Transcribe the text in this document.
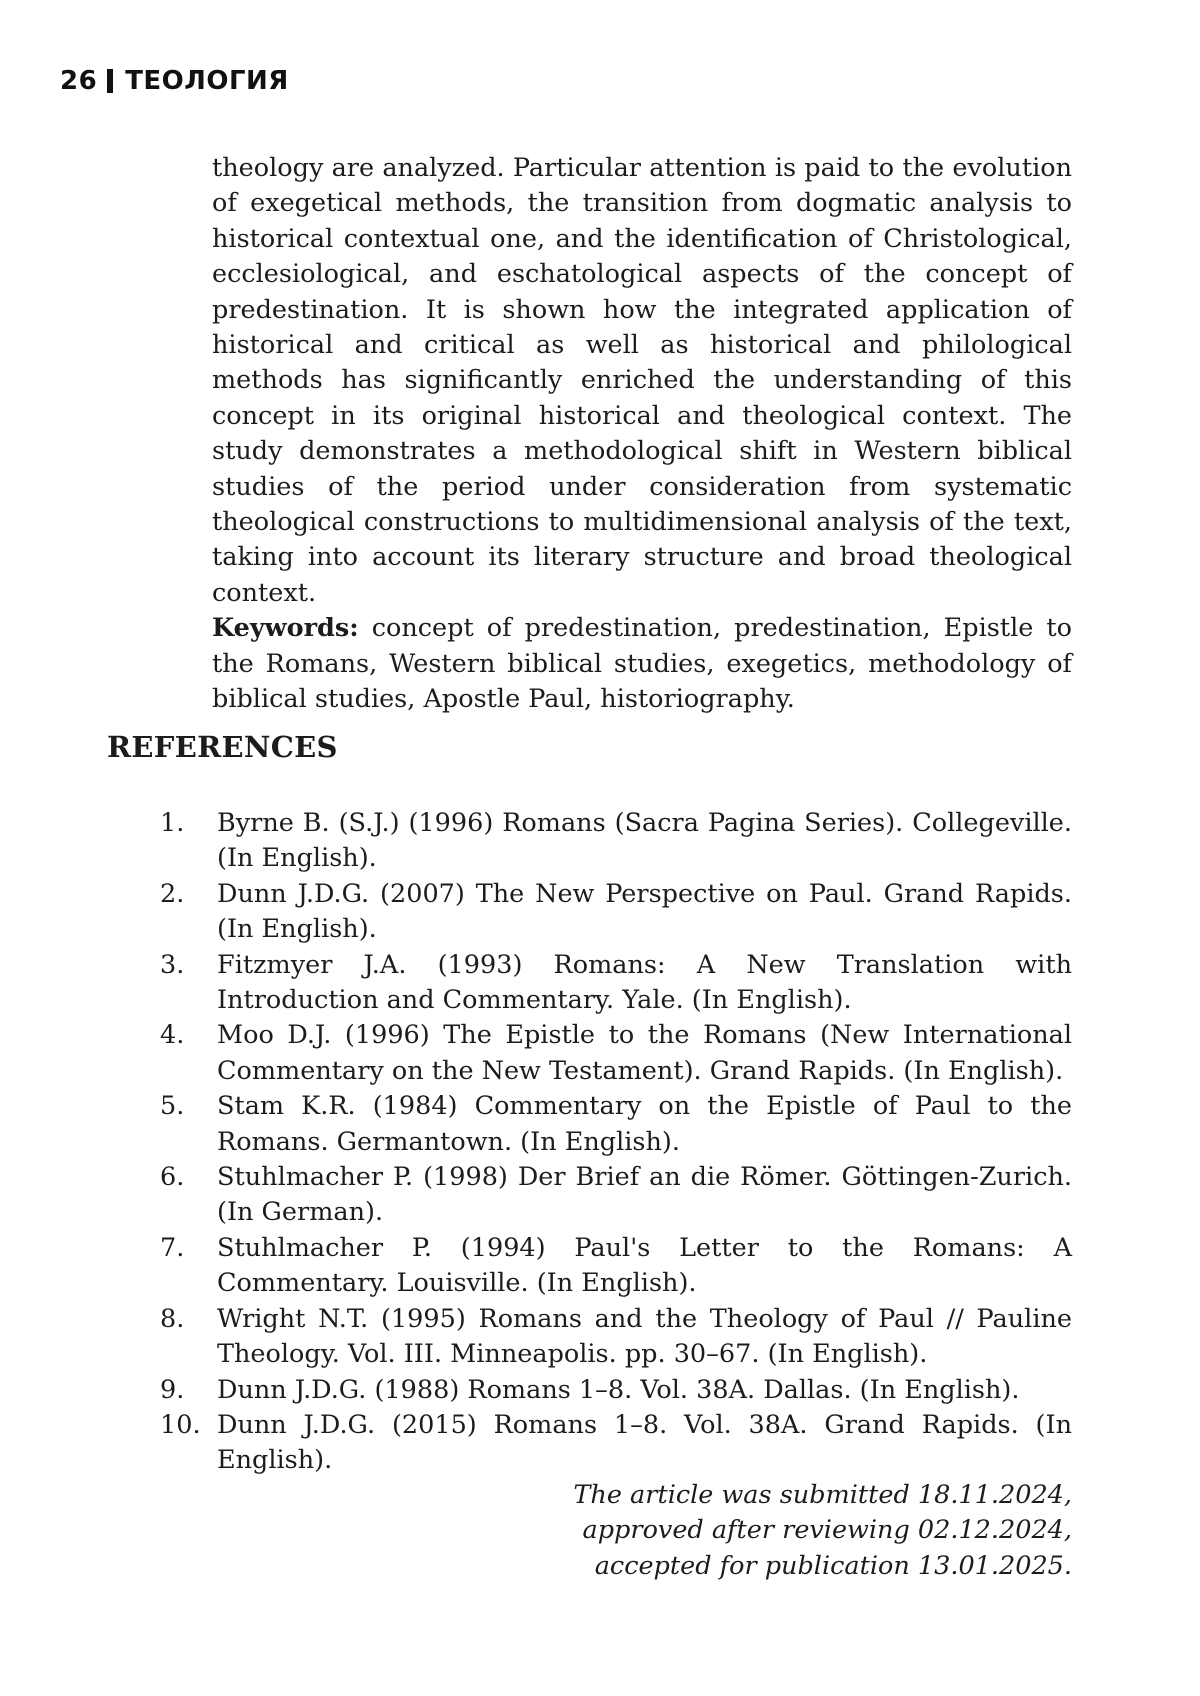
26 ТЕОЛОГИЯ

theology are analyzed. Particular attention is paid to the evolution of exegetical methods, the transition from dogmatic analysis to historical contextual one, and the identification of Christological, ecclesiological, and eschatological aspects of the concept of predestination. It is shown how the integrated application of historical and critical as well as historical and philological methods has significantly enriched the understanding of this concept in its original historical and theological context. The study demonstrates a methodological shift in Western biblical studies of the period under consideration from systematic theological constructions to multidimensional analysis of the text, taking into account its literary structure and broad theological context.

Keywords: concept of predestination, predestination, Epistle to the Romans, Western biblical studies, exegetics, methodology of biblical studies, Apostle Paul, historiography.

REFERENCES
1.	Byrne B. (S.J.) (1996) Romans (Sacra Pagina Series). Collegeville. (In English).
2.	Dunn J.D.G. (2007) The New Perspective on Paul. Grand Rapids. (In English).
3.	Fitzmyer J.A. (1993) Romans: A New Translation with Introduction and Commentary. Yale. (In English).
4.	Moo D.J. (1996) The Epistle to the Romans (New International Commentary on the New Testament). Grand Rapids. (In English).
5.	Stam K.R. (1984) Commentary on the Epistle of Paul to the Romans. Germantown. (In English).
6.	Stuhlmacher P. (1998) Der Brief an die Römer. Göttingen-Zurich. (In German).
7.	Stuhlmacher P. (1994) Paul's Letter to the Romans: A Commentary. Louisville. (In English).
8.	Wright N.T. (1995) Romans and the Theology of Paul // Pauline Theology. Vol. III. Minneapolis. pp. 30–67. (In English).
9.	Dunn J.D.G. (1988) Romans 1–8. Vol. 38A. Dallas. (In English).
10. Dunn J.D.G. (2015) Romans 1–8. Vol. 38A. Grand Rapids. (In English).
The article was submitted 18.11.2024,
approved after reviewing 02.12.2024,
accepted for publication 13.01.2025.
